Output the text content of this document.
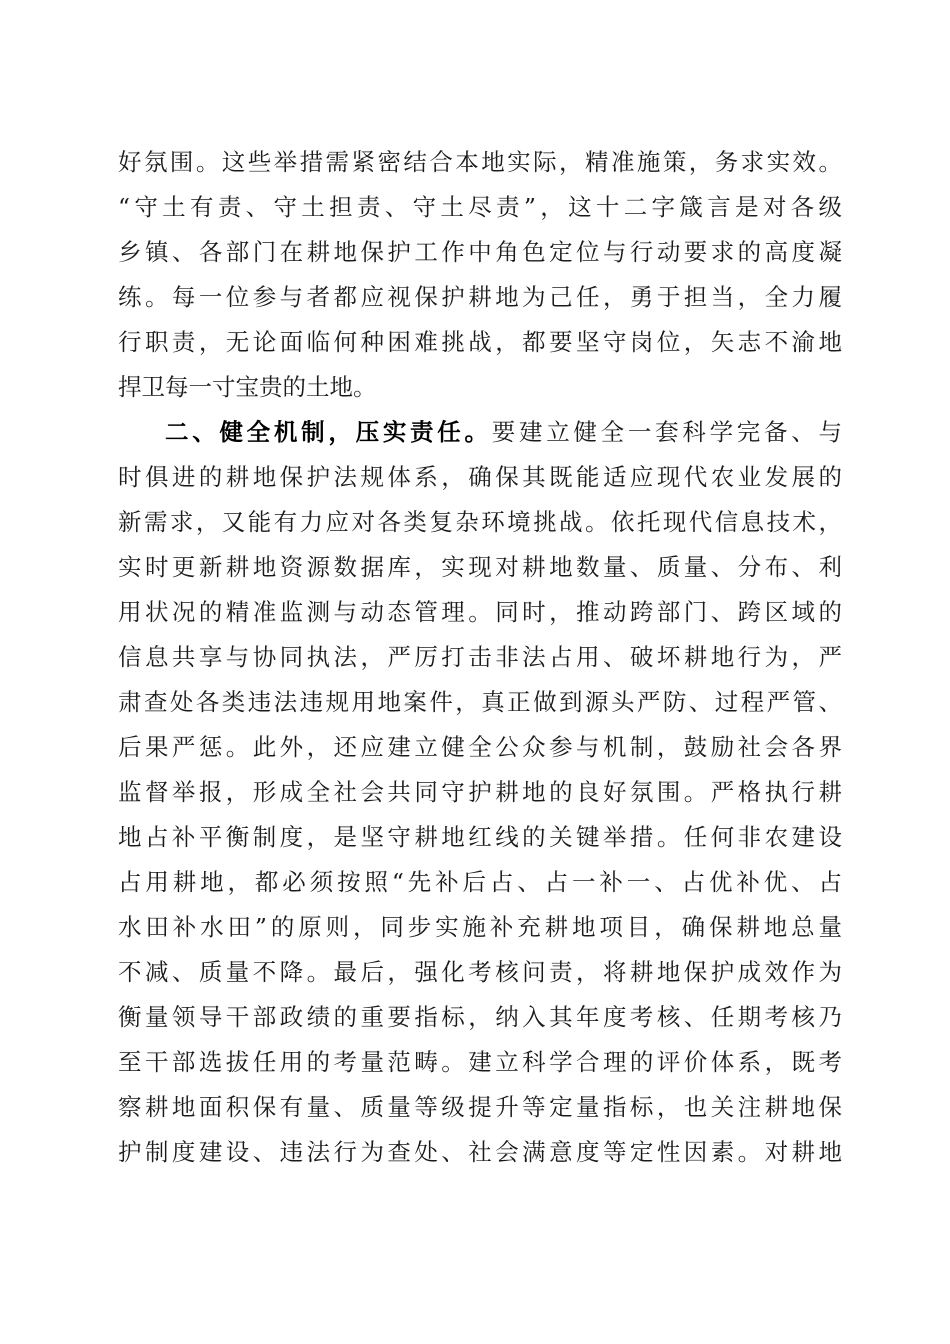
好氛围。这些举措需紧密结合本地实际，精准施策，务求实效。
“守土有责、守土担责、守土尽责”，这十二字箴言是对各级
乡镇、各部门在耕地保护工作中角色定位与行动要求的高度凝
练。每一位参与者都应视保护耕地为己任，勇于担当，全力履
行职责，无论面临何种困难挑战，都要坚守岗位，矢志不渝地
捍卫每一寸宝贵的土地。
二、健全机制，压实责任。要建立健全一套科学完备、与
时俱进的耕地保护法规体系，确保其既能适应现代农业发展的
新需求，又能有力应对各类复杂环境挑战。依托现代信息技术，
实时更新耕地资源数据库，实现对耕地数量、质量、分布、利
用状况的精准监测与动态管理。同时，推动跨部门、跨区域的
信息共享与协同执法，严厉打击非法占用、破坏耕地行为，严
肃查处各类违法违规用地案件，真正做到源头严防、过程严管、
后果严惩。此外，还应建立健全公众参与机制，鼓励社会各界
监督举报，形成全社会共同守护耕地的良好氛围。严格执行耕
地占补平衡制度，是坚守耕地红线的关键举措。任何非农建设
占用耕地，都必须按照“先补后占、占一补一、占优补优、占
水田补水田”的原则，同步实施补充耕地项目，确保耕地总量
不减、质量不降。最后，强化考核问责，将耕地保护成效作为
衡量领导干部政绩的重要指标，纳入其年度考核、任期考核乃
至干部选拔任用的考量范畴。建立科学合理的评价体系，既考
察耕地面积保有量、质量等级提升等定量指标，也关注耕地保
护制度建设、违法行为查处、社会满意度等定性因素。对耕地
